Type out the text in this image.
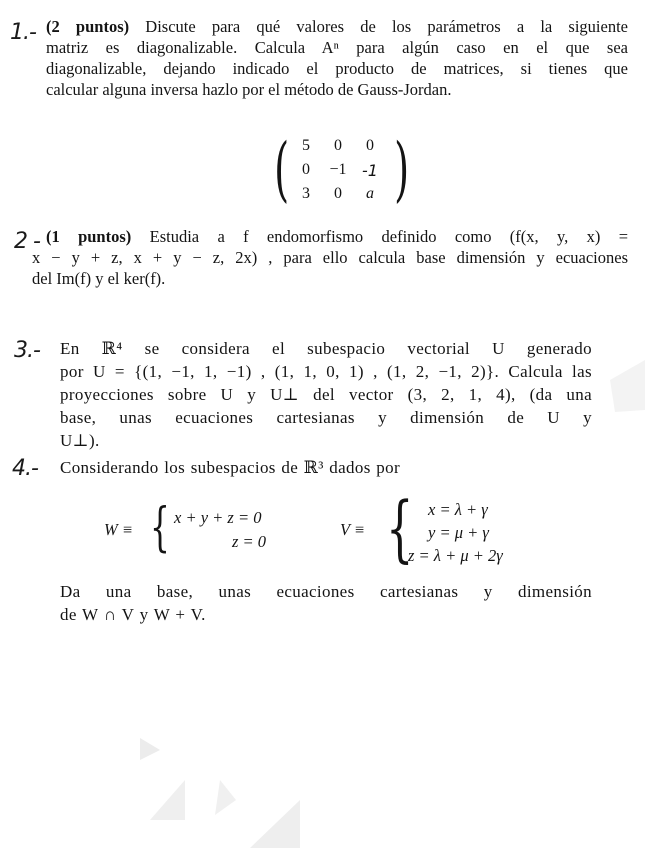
1.- (2 puntos) Discute para qué valores de los parámetros a la siguiente
matriz es diagonalizable. Calcula Aⁿ para algún caso en el que sea
diagonalizable, dejando indicado el producto de matrices, si tienes que
calcular alguna inversa hazlo por el método de Gauss-Jordan.
( 5	0	0
0	−1	-1
3	0	a )
2 - (1 puntos) Estudia a f endomorfismo definido como (f(x, y, x) =
x − y + z, x + y − z, 2x) , para ello calcula base dimensión y ecuaciones
del Im(f) y el ker(f).
3.- En ℝ⁴ se considera el subespacio vectorial U generado
por U = {(1, −1, 1, −1) , (1, 1, 0, 1) , (1, 2, −1, 2)}. Calcula las
proyecciones sobre U y U⊥ del vector (3, 2, 1, 4), (da una
base, unas ecuaciones cartesianas y dimensión de U y
U⊥).
4.- Considerando los subespacios de ℝ³ dados por
W ≡ { x + y + z = 0
z = 0
V ≡ { x = λ + γ
y = μ + γ
z = λ + μ + 2γ
Da una base, unas ecuaciones cartesianas y dimensión
de W ∩ V y W + V.
